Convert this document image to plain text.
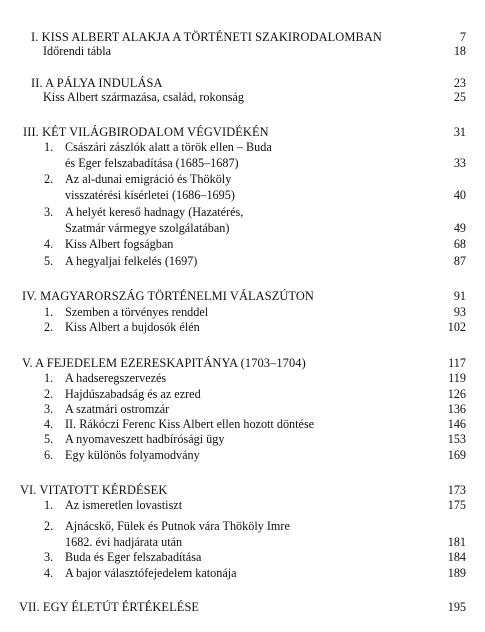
I. KISS ALBERT ALAKJA A TÖRTÉNETI SZAKIRODALOMBAN	7
Időrendi tábla	18
II. A PÁLYA INDULÁSA	23
Kiss Albert származása, család, rokonság	25
III. KÉT VILÁGBIRODALOM VÉGVIDÉKÉN	31
1. Császári zászlók alatt a török ellen – Buda
és Eger felszabadítása (1685–1687)	33
2. Az al-dunai emigráció és Thököly
visszatérési kísérletei (1686–1695)	40
3. A helyét kereső hadnagy (Hazatérés,
Szatmár vármegye szolgálatában)	49
4. Kiss Albert fogságban	68
5. A hegyaljai felkelés (1697)	87
IV. MAGYARORSZÁG TÖRTÉNELMI VÁLASZÚTON	91
1. Szemben a törvényes renddel	93
2. Kiss Albert a bujdosók élén	102
V. A FEJEDELEM EZERESKAPITÁNYA (1703–1704)	117
1. A hadseregszervezés	119
2. Hajdúszabadság és az ezred	126
3. A szatmári ostromzár	136
4. II. Rákóczi Ferenc Kiss Albert ellen hozott döntése	146
5. A nyomaveszett hadbírósági ügy	153
6. Egy különös folyamodvány	169
VI. VITATOTT KÉRDÉSEK	173
1. Az ismeretlen lovastiszt	175
2. Ajnácskő, Fülek és Putnok vára Thököly Imre
1682. évi hadjárata után	181
3. Buda és Eger felszabadítása	184
4. A bajor választófejedelem katonája	189
VII. EGY ÉLETÚT ÉRTÉKELÉSE	195
